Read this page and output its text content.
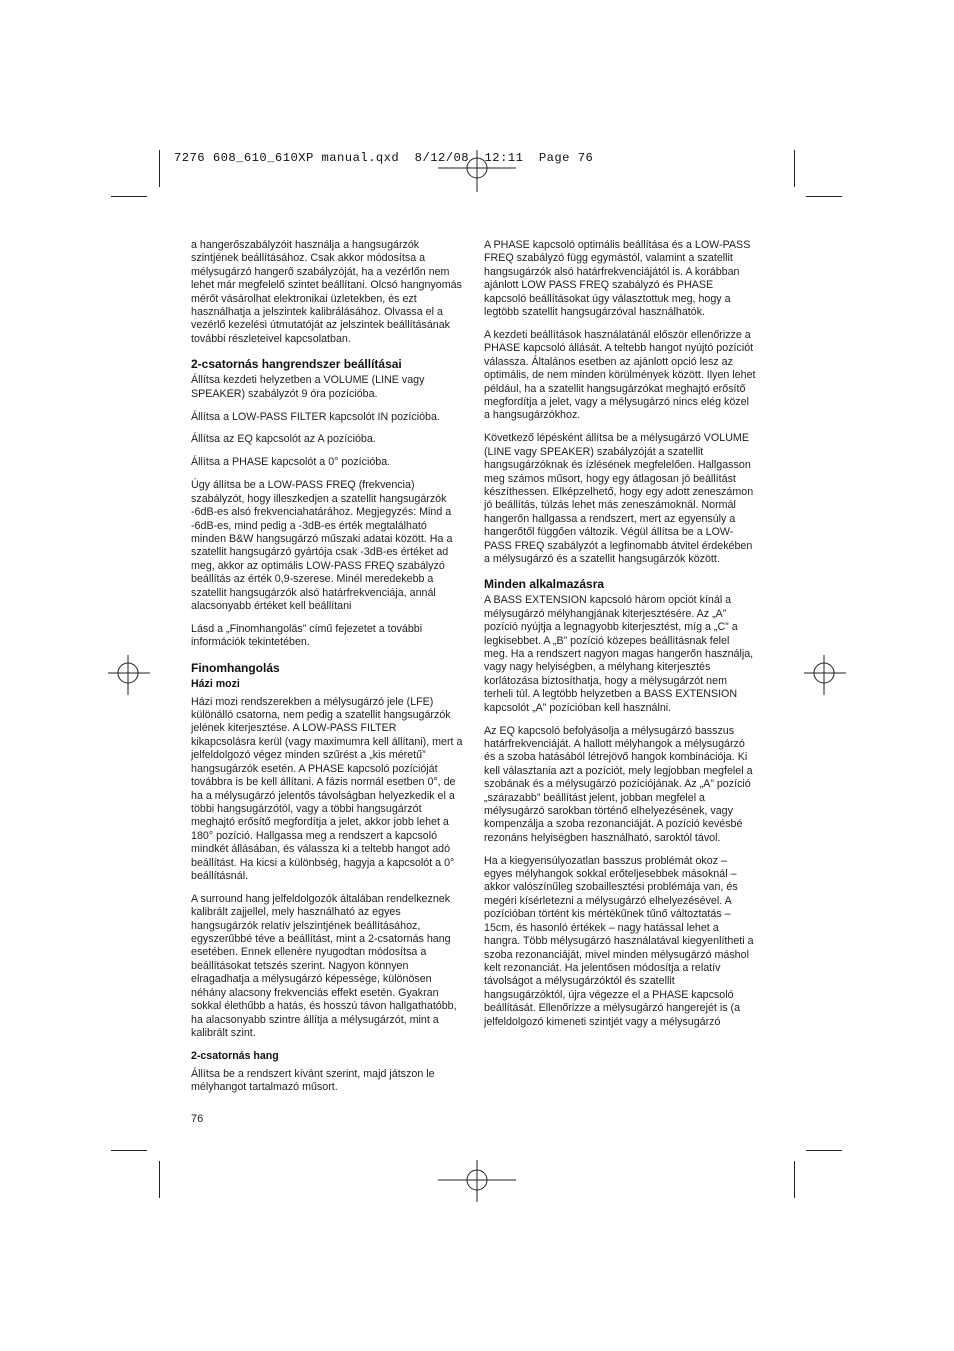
7276 608_610_610XP manual.qxd  8/12/08  12:11  Page 76

a hangerőszabályzóit használja a hangsugárzók szintjének beállításához. Csak akkor módosítsa a mélysugárzó hangerő szabályzóját, ha a vezérlőn nem lehet már megfelelő szintet beállítani. Olcsó hangnyomás mérőt vásárolhat elektronikai üzletekben, és ezt használhatja a jelszintek kalibrálásához. Olvassa el a vezérlő kezelési útmutatóját az jelszintek beállításának további részleteivel kapcsolatban.

2-csatornás hangrendszer beállításai

Állítsa kezdeti helyzetben a VOLUME (LINE vagy SPEAKER) szabályzót 9 óra pozícióba.

Állítsa a LOW-PASS FILTER kapcsolót IN pozícióba.

Állítsa az EQ kapcsolót az A pozícióba.

Állítsa a PHASE kapcsolót a 0° pozícióba.

Úgy állítsa be a LOW-PASS FREQ (frekvencia) szabályzót, hogy illeszkedjen a szatellit hangsugárzók -6dB-es alsó frekvenciahatárához. Megjegyzés: Mind a -6dB-es, mind pedig a -3dB-es érték megtalálható minden B&W hangsugárzó műszaki adatai között. Ha a szatellit hangsugárzó gyártója csak -3dB-es értéket ad meg, akkor az optimális LOW-PASS FREQ szabályzó beállítás az érték 0,9-szerese. Minél meredekebb a szatellit hangsugárzók alsó határfrekvenciája, annál alacsonyabb értéket kell beállítani

Lásd a „Finomhangolás” című fejezetet a további információk tekintetében.

Finomhangolás
Házi mozi

Házi mozi rendszerekben a mélysugárzó jele (LFE) különálló csatorna, nem pedig a szatellit hangsugárzók jelének kiterjesztése. A LOW-PASS FILTER kikapcsolásra kerül (vagy maximumra kell állítani), mert a jelfeldolgozó végez minden szűrést a „kis méretű” hangsugárzók esetén. A PHASE kapcsoló pozícióját továbbra is be kell állítani. A fázis normál esetben 0°, de ha a mélysugárzó jelentős távolságban helyezkedik el a többi hangsugárzótól, vagy a többi hangsugárzót meghajtó erősítő megfordítja a jelet, akkor jobb lehet a 180° pozíció. Hallgassa meg a rendszert a kapcsoló mindkét állásában, és válassza ki a teltebb hangot adó beállítást. Ha kicsi a különbség, hagyja a kapcsolót a 0° beállításnál.

A surround hang jelfeldolgozók általában rendelkeznek kalibrált zajjellel, mely használható az egyes hangsugárzók relatív jelszintjének beállításához, egyszerűbbé téve a beállítást, mint a 2-csatornás hang esetében. Ennek ellenére nyugodtan módosítsa a beállításokat tetszés szerint. Nagyon könnyen elragadhatja a mélysugárzó képessége, különösen néhány alacsony frekvenciás effekt esetén. Gyakran sokkal élethűbb a hatás, és hosszú távon hallgathatóbb, ha alacsonyabb szintre állítja a mélysugárzót, mint a kalibrált szint.

2-csatornás hang

Állítsa be a rendszert kívánt szerint, majd játszon le mélyhangot tartalmazó műsort.

A PHASE kapcsoló optimális beállítása és a LOW-PASS FREQ szabályzó függ egymástól, valamint a szatellit hangsugárzók alsó határfrekvenciájától is. A korábban ajánlott LOW PASS FREQ szabályzó és PHASE kapcsoló beállításokat úgy választottuk meg, hogy a legtöbb szatellit hangsugárzóval használhatók.

A kezdeti beállítások használatánál először ellenőrizze a PHASE kapcsoló állását. A teltebb hangot nyújtó pozíciót válassza. Általános esetben az ajánlott opció lesz az optimális, de nem minden körülmények között. Ilyen lehet például, ha a szatellit hangsugárzókat meghajtó erősítő megfordítja a jelet, vagy a mélysugárzó nincs elég közel a hangsugárzókhoz.

Következő lépésként állítsa be a mélysugárzó VOLUME (LINE vagy SPEAKER) szabályzóját a szatellit hangsugárzóknak és ízlésének megfelelően. Hallgasson meg számos műsort, hogy egy átlagosan jó beállítást készíthessen. Elképzelhető, hogy egy adott zeneszámon jó beállítás, túlzás lehet más zeneszámoknál. Normál hangerőn hallgassa a rendszert, mert az egyensúly a hangerőtől függően változik. Végül állítsa be a LOW-PASS FREQ szabályzót a legfinomabb átvitel érdekében a mélysugárzó és a szatellit hangsugárzók között.

Minden alkalmazásra

A BASS EXTENSION kapcsoló három opciót kínál a mélysugárzó mélyhangjának kiterjesztésére. Az „A” pozíció nyújtja a legnagyobb kiterjesztést, míg a „C” a legkisebbet. A „B” pozíció közepes beállításnak felel meg. Ha a rendszert nagyon magas hangerőn használja, vagy nagy helyiségben, a mélyhang kiterjesztés korlátozása biztosíthatja, hogy a mélysugárzót nem terheli túl. A legtöbb helyzetben a BASS EXTENSION kapcsolót „A” pozícióban kell használni.

Az EQ kapcsoló befolyásolja a mélysugárzó basszus határfrekvenciáját. A hallott mélyhangok a mélysugárzó és a szoba hatásából létrejövő hangok kombinációja. Ki kell választania azt a pozíciót, mely legjobban megfelel a szobának és a mélysugárzó pozíciójának. Az „A” pozíció „szárazabb” beállítást jelent, jobban megfelel a mélysugárzó sarokban történő elhelyezésének, vagy kompenzálja a szoba rezonanciáját. A pozíció kevésbé rezonáns helyiségben használható, saroktól távol.

Ha a kiegyensúlyozatlan basszus problémát okoz – egyes mélyhangok sokkal erőteljesebbek másoknál – akkor valószínűleg szobaillesztési problémája van, és megéri kísérletezni a mélysugárzó elhelyezésével. A pozícióban történt kis mértékűnek tűnő változtatás – 15cm, és hasonló értékek – nagy hatással lehet a hangra. Több mélysugárzó használatával kiegyenlítheti a szoba rezonanciáját, mivel minden mélysugárzó máshol kelt rezonanciát. Ha jelentősen módosítja a relatív távolságot a mélysugárzóktól és szatellit hangsugárzóktól, újra végezze el a PHASE kapcsoló beállítását. Ellenőrizze a mélysugárzó hangerejét is (a jelfeldolgozó kimeneti szintjét vagy a mélysugárzó

76
